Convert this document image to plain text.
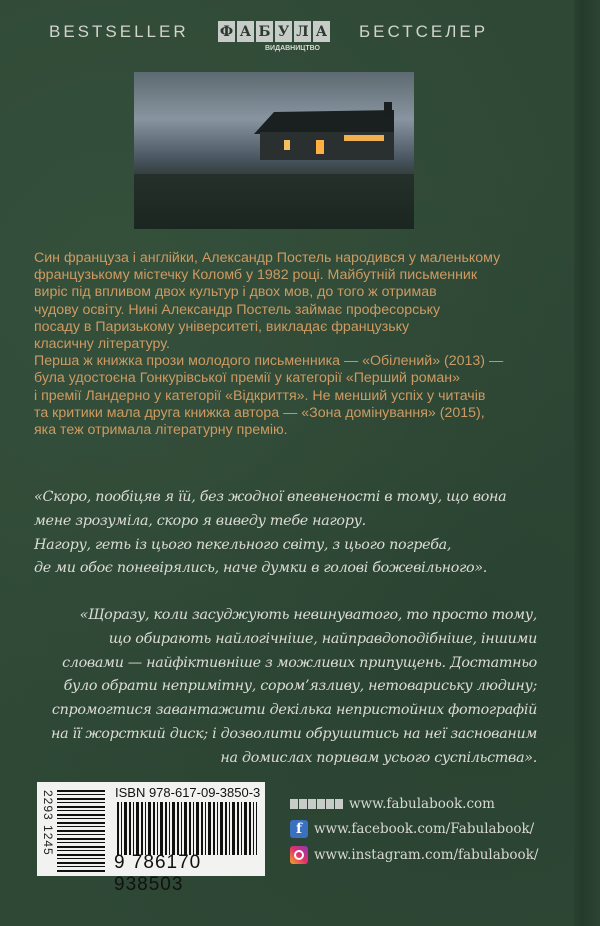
BESTSELLER Ф А Б У Л А
ВИДАВНИЦТВО
БЕСТСЕЛЕР
Син француза і англійки, Александр Постель народився у маленькому
французькому містечку Коломб у 1982 році. Майбутній письменник
виріс під впливом двох культур і двох мов, до того ж отримав
чудову освіту. Нині Александр Постель займає професорську
посаду в Паризькому університеті, викладає французьку
класичну літературу.
Перша ж книжка прози молодого письменника — «Обілений» (2013) —
була удостоєна Гонкурівської премії у категорії «Перший роман»
і премії Ландерно у категорії «Відкриття». Не менший успіх у читачів
та критики мала друга книжка автора — «Зона домінування» (2015),
яка теж отримала літературну премію.
«Скоро, пообіцяв я їй, без жодної впевненості в тому, що вона
мене зрозуміла, скоро я виведу тебе нагору.
Нагору, геть із цього пекельного світу, з цього погреба,
де ми обоє поневірялись, наче думки в голові божевільного».
«Щоразу, коли засуджують невинуватого, то просто тому,
що обирають найлогічніше, найправдоподібніше, іншими
словами — найфіктивніше з можливих припущень. Достатньо
було обрати непримітну, сором’язливу, нетовариську людину;
спромогтися завантажити декілька непристойних фотографій
на її жорсткий диск; і дозволити обрушитись на неї заснованим
на домислах поривам усього суспільства».
2293 1245	ISBN 978-617-09-3850-3
9 786170 938503
www.fabulabook.com
f www.facebook.com/Fabulabook/
www.instagram.com/fabulabook/
